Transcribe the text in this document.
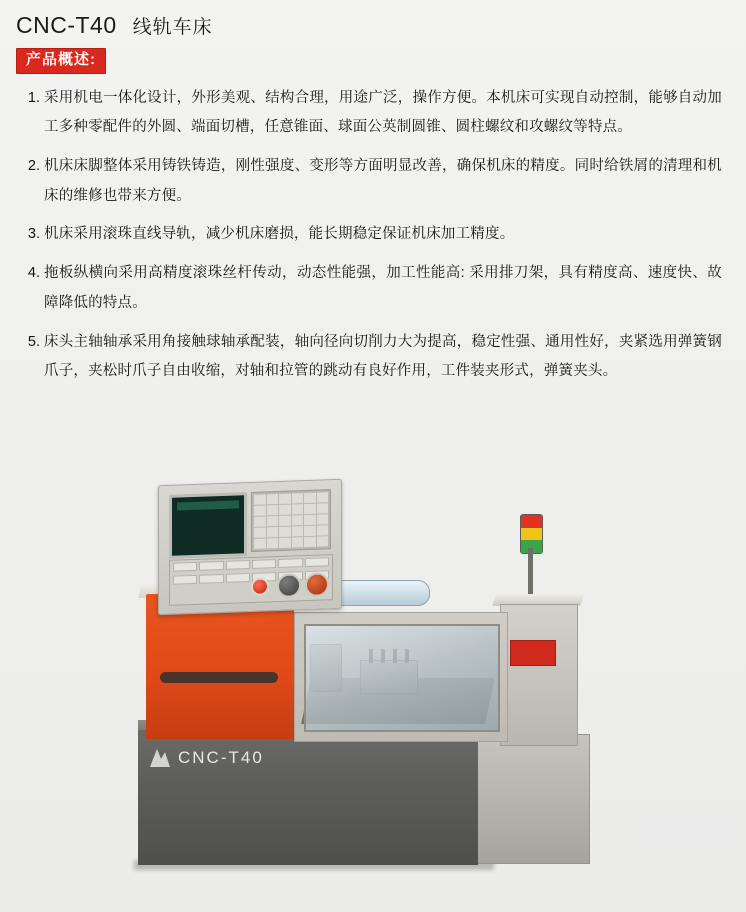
CNC-T40 线轨车床
产品概述:
1. 采用机电一体化设计，外形美观、结构合理，用途广泛，操作方便。本机床可实现自动控制，能够自动加工多种零配件的外圆、端面切槽，任意锥面、球面公英制圆锥、圆柱螺纹和攻螺纹等特点。
2. 机床床脚整体采用铸铁铸造，刚性强度、变形等方面明显改善，确保机床的精度。同时给铁屑的清理和机床的维修也带来方便。
3. 机床采用滚珠直线导轨，减少机床磨损，能长期稳定保证机床加工精度。
4. 拖板纵横向采用高精度滚珠丝杆传动，动态性能强，加工性能高: 采用排刀架，具有精度高、速度快、故障降低的特点。
5. 床头主轴轴承采用角接触球轴承配装，轴向径向切削力大为提高，稳定性强、通用性好，夹紧选用弹簧钢爪子，夹松时爪子自由收缩，对轴和拉管的跳动有良好作用，工件装夹形式，弹簧夹头。
CNC-T40
